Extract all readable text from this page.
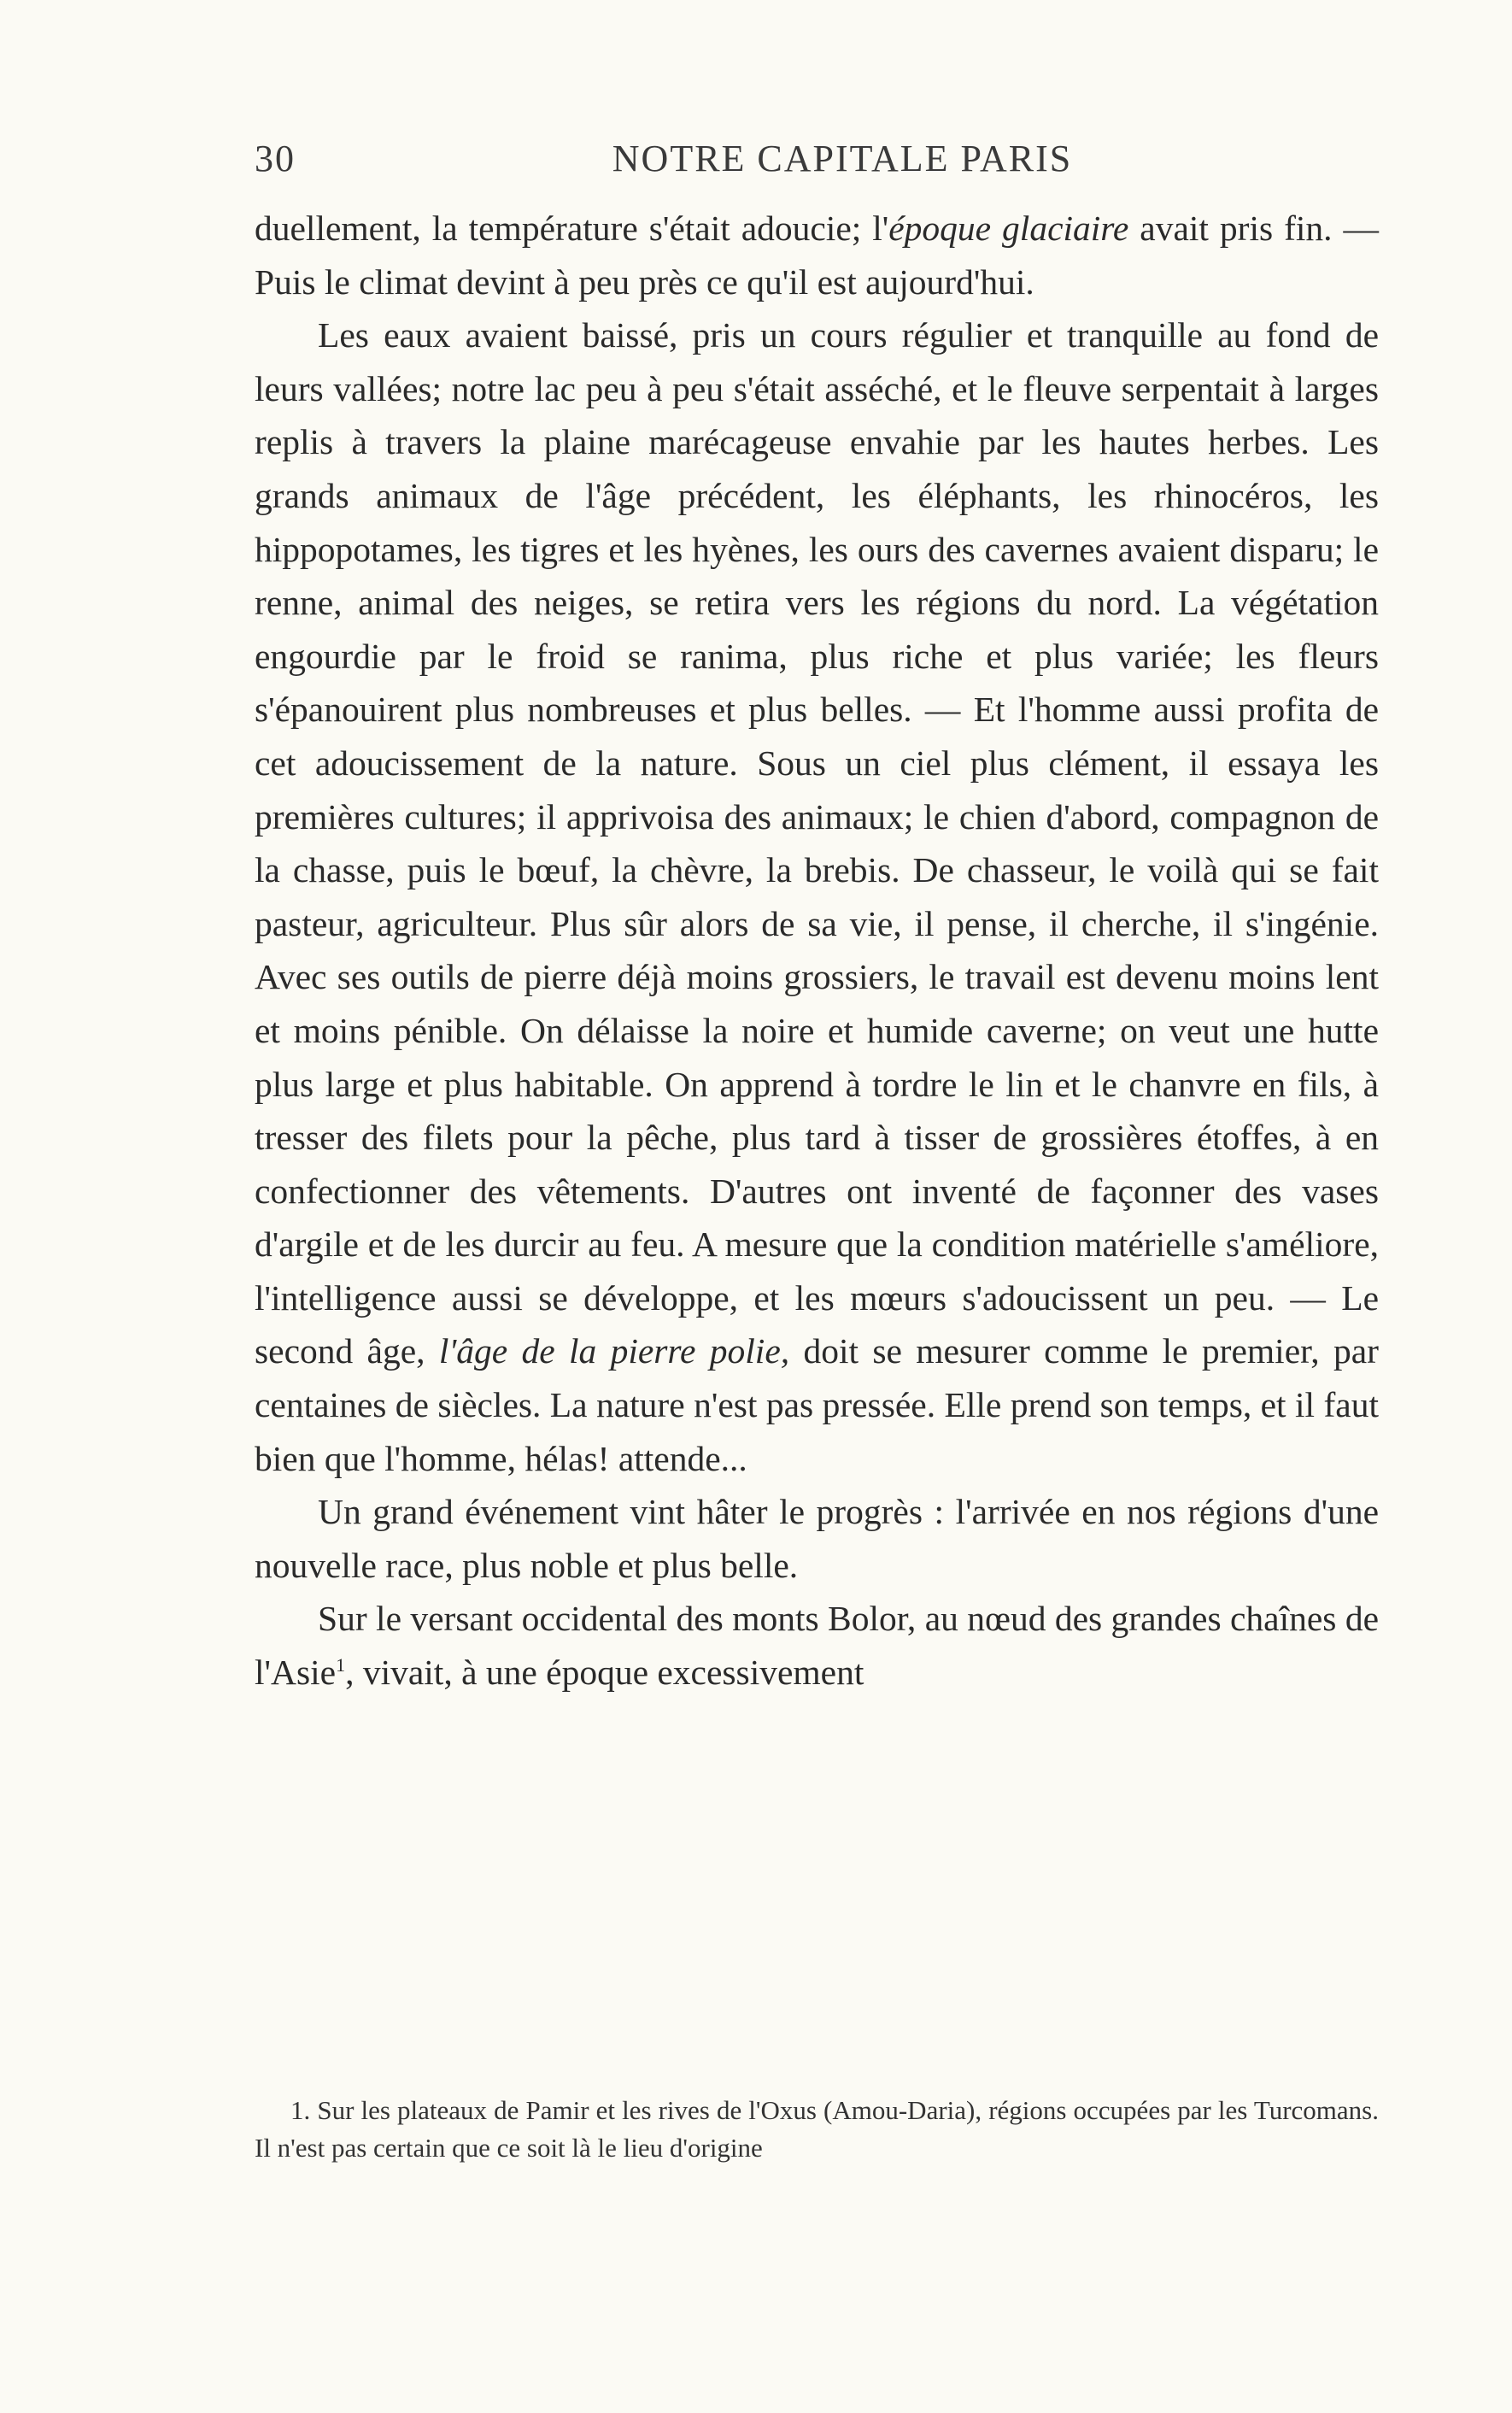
30	NOTRE CAPITALE PARIS

duellement, la température s'était adoucie; l'époque glaciaire avait pris fin. — Puis le climat devint à peu près ce qu'il est aujourd'hui.

Les eaux avaient baissé, pris un cours régulier et tranquille au fond de leurs vallées; notre lac peu à peu s'était asséché, et le fleuve serpentait à larges replis à travers la plaine marécageuse envahie par les hautes herbes. Les grands animaux de l'âge précédent, les éléphants, les rhinocéros, les hippopotames, les tigres et les hyènes, les ours des cavernes avaient disparu; le renne, animal des neiges, se retira vers les régions du nord. La végétation engourdie par le froid se ranima, plus riche et plus variée; les fleurs s'épanouirent plus nombreuses et plus belles. — Et l'homme aussi profita de cet adoucissement de la nature. Sous un ciel plus clément, il essaya les premières cultures; il apprivoisa des animaux; le chien d'abord, compagnon de la chasse, puis le bœuf, la chèvre, la brebis. De chasseur, le voilà qui se fait pasteur, agriculteur. Plus sûr alors de sa vie, il pense, il cherche, il s'ingénie. Avec ses outils de pierre déjà moins grossiers, le travail est devenu moins lent et moins pénible. On délaisse la noire et humide caverne; on veut une hutte plus large et plus habitable. On apprend à tordre le lin et le chanvre en fils, à tresser des filets pour la pêche, plus tard à tisser de grossières étoffes, à en confectionner des vêtements. D'autres ont inventé de façonner des vases d'argile et de les durcir au feu. A mesure que la condition matérielle s'améliore, l'intelligence aussi se développe, et les mœurs s'adoucissent un peu. — Le second âge, l'âge de la pierre polie, doit se mesurer comme le premier, par centaines de siècles. La nature n'est pas pressée. Elle prend son temps, et il faut bien que l'homme, hélas! attende...

Un grand événement vint hâter le progrès : l'arrivée en nos régions d'une nouvelle race, plus noble et plus belle.

Sur le versant occidental des monts Bolor, au nœud des grandes chaînes de l'Asie$^1$, vivait, à une époque excessivement

1. Sur les plateaux de Pamir et les rives de l'Oxus (Amou-Daria), régions occupées par les Turcomans. Il n'est pas certain que ce soit là le lieu d'origine
